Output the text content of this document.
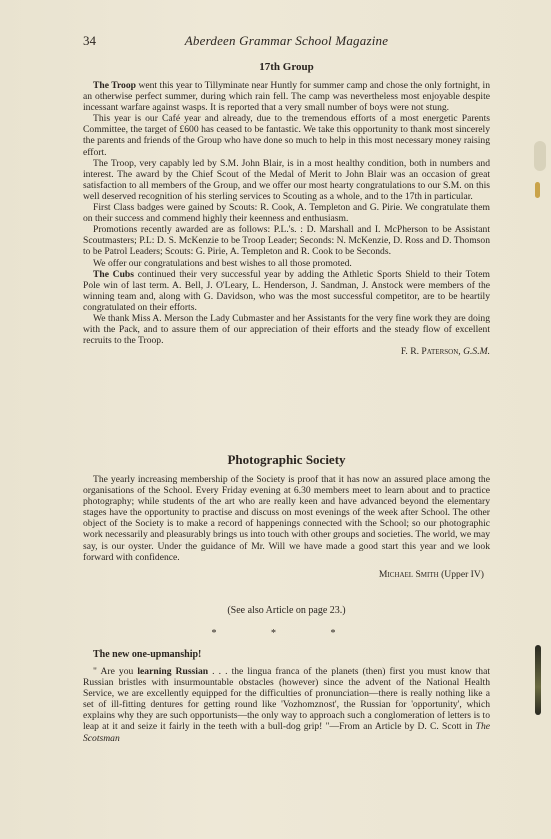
34	Aberdeen Grammar School Magazine
17th Group

The Troop went this year to Tillyminate near Huntly for summer camp and chose the only fortnight, in an otherwise perfect summer, during which rain fell. The camp was nevertheless most enjoyable despite incessant warfare against wasps. It is reported that a very small number of boys were not stung.

This year is our Café year and already, due to the tremendous efforts of a most energetic Parents Committee, the target of £600 has ceased to be fantastic. We take this opportunity to thank most sincerely the parents and friends of the Group who have done so much to help in this most necessary money raising effort.

The Troop, very capably led by S.M. John Blair, is in a most healthy condition, both in numbers and interest. The award by the Chief Scout of the Medal of Merit to John Blair was an occasion of great satisfaction to all members of the Group, and we offer our most hearty congratulations to our S.M. on this well deserved recognition of his sterling services to Scouting as a whole, and to the 17th in particular.

First Class badges were gained by Scouts: R. Cook, A. Templeton and G. Pirie. We congratulate them on their success and commend highly their keenness and enthusiasm.

Promotions recently awarded are as follows: P.L.'s. : D. Marshall and I. McPherson to be Assistant Scoutmasters; P.L: D. S. McKenzie to be Troop Leader; Seconds: N. McKenzie, D. Ross and D. Thomson to be Patrol Leaders; Scouts: G. Pirie, A. Templeton and R. Cook to be Seconds.

We offer our congratulations and best wishes to all those promoted.

The Cubs continued their very successful year by adding the Athletic Sports Shield to their Totem Pole win of last term. A. Bell, J. O'Leary, L. Henderson, J. Sandman, J. Anstock were members of the winning team and, along with G. Davidson, who was the most successful competitor, are to be heartily congratulated on their efforts.

We thank Miss A. Merson the Lady Cubmaster and her Assistants for the very fine work they are doing with the Pack, and to assure them of our appreciation of their efforts and the steady flow of excellent recruits to the Troop.

F. R. Paterson, G.S.M.

Photographic Society

The yearly increasing membership of the Society is proof that it has now an assured place among the organisations of the School. Every Friday evening at 6.30 members meet to learn about and to practice photography; while students of the art who are really keen and have advanced beyond the elementary stages have the opportunity to practise and discuss on most evenings of the week after School. The other object of the Society is to make a record of happenings connected with the School; so our photographic work necessarily and pleasurably brings us into touch with other groups and societies. The world, we may say, is our oyster. Under the guidance of Mr. Will we have made a good start this year and we look forward with confidence.

Michael Smith (Upper IV)

(See also Article on page 23.)
* * *
The new one-upmanship!

" Are you learning Russian . . . the lingua franca of the planets (then) first you must know that Russian bristles with insurmountable obstacles (however) since the advent of the National Health Service, we are excellently equipped for the difficulties of pronunciation—there is really nothing like a set of ill-fitting dentures for getting round like 'Vozhomznost', the Russian for 'opportunity', which explains why they are such opportunists—the only way to approach such a conglomeration of letters is to leap at it and seize it fairly in the teeth with a bull-dog grip! "—From an Article by D. C. Scott in The Scotsman
